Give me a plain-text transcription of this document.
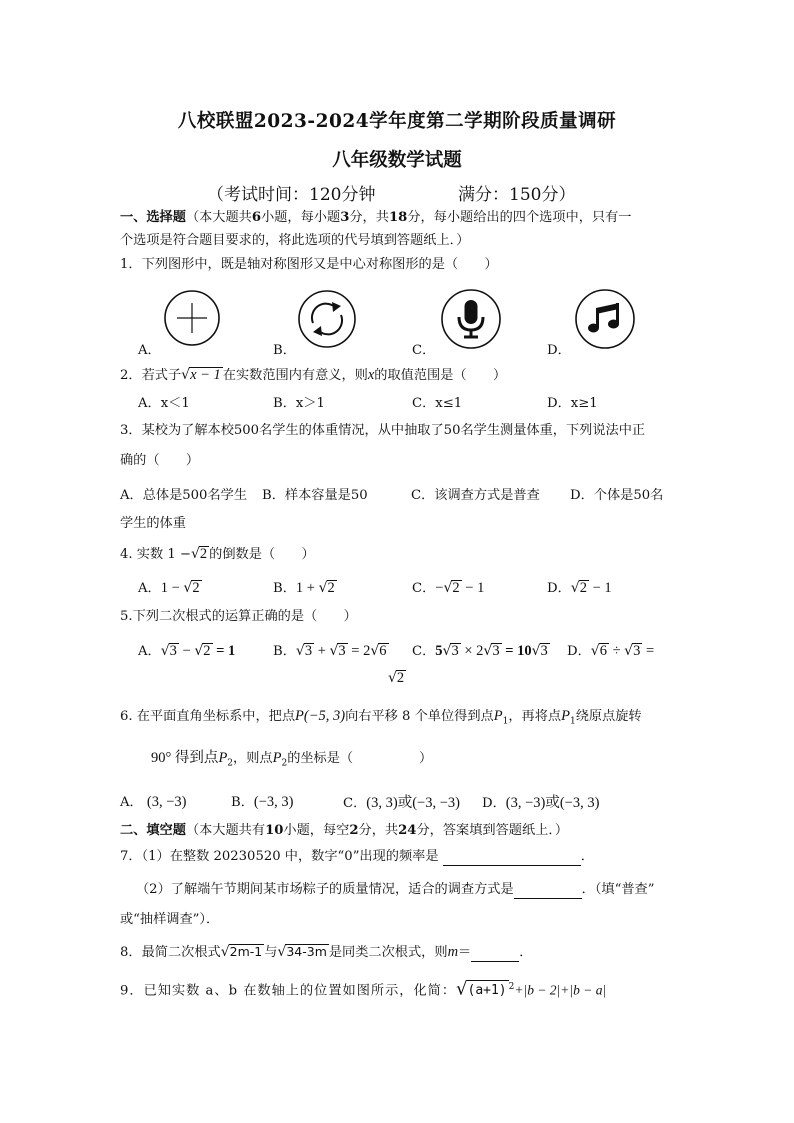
八校联盟2023-2024学年度第二学期阶段质量调研
八年级数学试题
（考试时间：120分钟	满分：150分）
一、选择题（本大题共6小题，每小题3分，共18分，每小题给出的四个选项中，只有一
个选项是符合题目要求的，将此选项的代号填到答题纸上．）
1．下列图形中，既是轴对称图形又是中心对称图形的是（　　）
A．	B．	C．	D．
2．若式子√x − 1 在实数范围内有意义，则x的取值范围是（　　）
A．x＜1	B．x＞1	C．x≤1	D．x≥1
3．某校为了解本校500名学生的体重情况，从中抽取了50名学生测量体重，下列说法中正
确的（　　）
A．总体是500名学生 B．样本容量是50	C．该调查方式是普查 D．个体是50名
学生的体重
4. 实数 1 −√2 的倒数是（　　）
A．1 − √2	B．1 + √2	C．−√2 − 1	D．√2 − 1
5.下列二次根式的运算正确的是（　　）
A．√3 − √2 = 1	B．√3 + √3 = 2√6 C．5√3 × 2√3 = 10√3 D．√6 ÷ √3 =
√2
6. 在平面直角坐标系中，把点P(−5, 3)向右平移 8 个单位得到点$P_1$，再将点$P_1$绕原点旋转
90° 得到点$P_2$，则点$P_2$的坐标是（　　　　　）
A． (3, −3)	B．(−3, 3)	C．(3, 3)或(−3, −3) D．(3, −3)或(−3, 3)
二、填空题（本大题共有10小题，每空2分，共24分，答案填到答题纸上．）
7．（1）在整数 20230520 中，数字“0”出现的频率是	．
（2）了解端午节期间某市场粽子的质量情况，适合的调查方式是	．（填“普查”
或“抽样调查”）．
8．最简二次根式√2m-1 与√34-3m 是同类二次根式，则m＝	．
9．已知实数 a、b 在数轴上的位置如图所示，化简：√(a+1) $^2$+|b − 2|+|b − a|
